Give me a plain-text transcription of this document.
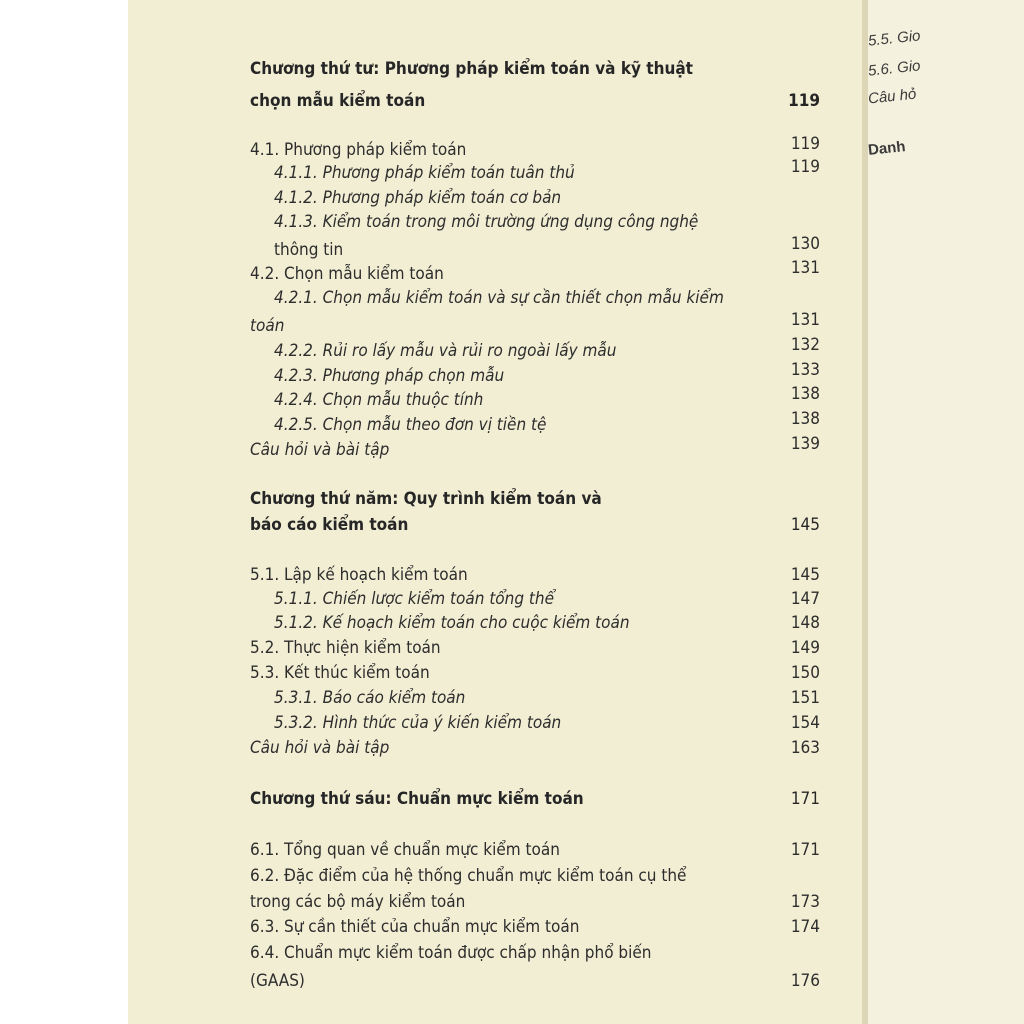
5.5. Gio
5.6. Gio
Câu hỏ
Danh
Chương thứ tư: Phương pháp kiểm toán và kỹ thuật
chọn mẫu kiểm toán	119
4.1. Phương pháp kiểm toán	119
4.1.1. Phương pháp kiểm toán tuân thủ	119
4.1.2. Phương pháp kiểm toán cơ bản
4.1.3. Kiểm toán trong môi trường ứng dụng công nghệ
thông tin	130
4.2. Chọn mẫu kiểm toán	131
4.2.1. Chọn mẫu kiểm toán và sự cần thiết chọn mẫu kiểm
toán	131
4.2.2. Rủi ro lấy mẫu và rủi ro ngoài lấy mẫu	132
4.2.3. Phương pháp chọn mẫu	133
4.2.4. Chọn mẫu thuộc tính	138
4.2.5. Chọn mẫu theo đơn vị tiền tệ	138
Câu hỏi và bài tập	139
Chương thứ năm: Quy trình kiểm toán và
báo cáo kiểm toán	145
5.1. Lập kế hoạch kiểm toán	145
5.1.1. Chiến lược kiểm toán tổng thể	147
5.1.2. Kế hoạch kiểm toán cho cuộc kiểm toán	148
5.2. Thực hiện kiểm toán	149
5.3. Kết thúc kiểm toán	150
5.3.1. Báo cáo kiểm toán	151
5.3.2. Hình thức của ý kiến kiểm toán	154
Câu hỏi và bài tập	163
Chương thứ sáu: Chuẩn mực kiểm toán	171
6.1. Tổng quan về chuẩn mực kiểm toán	171
6.2. Đặc điểm của hệ thống chuẩn mực kiểm toán cụ thể
trong các bộ máy kiểm toán	173
6.3. Sự cần thiết của chuẩn mực kiểm toán	174
6.4. Chuẩn mực kiểm toán được chấp nhận phổ biến
(GAAS)	176
